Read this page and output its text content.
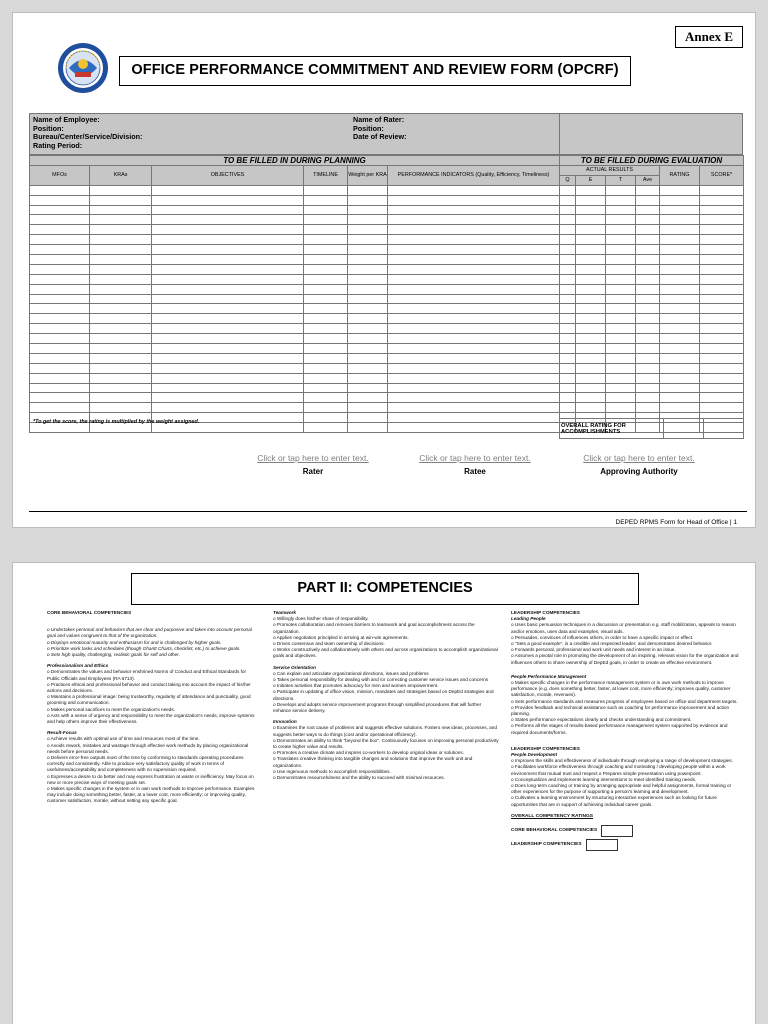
Annex E
OFFICE PERFORMANCE COMMITMENT AND REVIEW FORM (OPCRF)
Name of Employee:
Position:
Bureau/Center/Service/Division:
Rating Period:
Name of Rater:
Position:
Date of Review:
TO BE FILLED IN DURING PLANNING						TO BE FILLED DURING EVALUATION					
MFOs	KRAs	OBJECTIVES	TIMELINE	Weight per KRA	PERFORMANCE INDICATORS (Quality, Efficiency, Timeliness)	ACTUAL RESULTS				RATING	SCORE*
						Q	E	T	Ave		

*To get the score, the rating is multiplied by the weight assigned.
OVERALL RATING FOR ACCOMPLISHMENTS		
Click or tap here to enter text.
Rater
Click or tap here to enter text.
Ratee
Click or tap here to enter text.
Approving Authority
DEPED RPMS Form for Head of Office | 1
PART II: COMPETENCIES

CORE BEHAVIORAL COMPETENCIES

o Undertakes personal and behaviors that are clear and purposive and takes into account personal goal and values congruent to that of the organization.

o Displays emotional maturity and enthusiasm for and is challenged by higher goals.

o Prioritize work tasks and schedules (though Ghantt Charts, checklist, etc.) to achieve goals.

o Sets high quality, challenging, realistic goals for self and other.

Professionalism and Ethics

o Demonstrates the values and behavior enshrined Norms of Conduct and Ethical Standards for Public Officials and Employees (RA 6713).

o Practices ethical and professional behavior and conduct taking into account the impact of his/her actions and decisions.

o Maintains a professional image: being trustworthy, regularity of attendance and punctuality, good grooming and communication.

o Makes personal sacrifices to meet the organization's needs.

o Acts with a sense of urgency and responsibility to meet the organization's needs, improve systems and help others improve their effectiveness.

Result-Focus

o Achieve results with optimal use of time and resources most of the time.

o Avoids rework, mistakes and wastage through effective work methods by placing organizational needs before personal needs.

o Delivers error-free outputs most of the time by conforming to standards operating procedures correctly and consistently. Able to produce very satisfactory quality of work in terms of usefulness/acceptability and completeness with no supervision required.

o Expresses a desire to do better and may express frustration at waste or inefficiency. May focus on new or more precise ways of meeting goals set.

o Makes specific changes in the system or in own work methods to improve performance. Examples may include doing something better, faster, at a lower cost, more efficiently; or improving quality, customer satisfaction, morale, without setting any specific goal.

Teamwork

o Willingly does his/her share of responsibility.

o Promotes collaboration and removes barriers to teamwork and goal accomplishment across the organization.

o Applies negotiation principled in arriving at win-win agreements.

o Drives consensus and team ownership of decisions.

o Works constructively and collaboratively with others and across organizations to accomplish organizational goals and objectives.

Service Orientation

o Can explain and articulate organizational directions, issues and problems

o Takes personal responsibility for dealing with and /or correcting customer service issues and concerns

o Initiates activities that promotes advocacy for men and women empowerment.

o Participate in updating of office vision, mission, mandates and strategies based on DepEd strategies and directions.

o Develops and adopts service improvement programs through simplified procedures that will further enhance service delivery.

Innovation

o Examines the root cause of problems and suggests effective solutions. Fosters new ideas, processes, and suggests better ways to do things (cost and/or operational efficiency).

o Demonstrates an ability to think "beyond the box". Continuously focuses on improving personal productivity to create higher value and results.

o Promotes a creative climate and inspires co-workers to develop original ideas or solutions.

o Translates creative thinking into tangible changes and solutions that improve the work unit and organizations.

o Use ingenuous methods to accomplish responsibilities.

o Demonstrates resourcefulness and the ability to succeed with minimal resources.

LEADERSHIP COMPETENCIES

Leading People

o Uses basic persuasion techniques in a discussion or presentation e.g. staff mobilization, appeals to reason and/or emotions, uses data and examples, visual aids.

o Persuades, convinces of influences others, in order to have a specific impact or effect.

o "Sets a good example", is a credible and respected leader; and demonstrates desired behavior.

o Forwards personal, professional and work unit needs and interest in an issue.

o Assumes a pivotal role in promoting the development of an inspiring, relevant vision for the organization and influences others to share ownership of DepEd goals, in order to create an effective environment.

People Performance Management

o Makes specific changes in the performance management system or in own work methods to improve performance (e.g. does something better, faster, at lower cost, more efficiently; improves quality, customer satisfaction, morale, revenues).

o Sets performance standards and measures progress of employees based on office and department targets.

o Provides feedback and technical assistance such as coaching for performance improvement and action planning.

o States performance expectations clearly and checks understanding and commitment.

o Performs all the stages of results-based performance management system supported by evidence and required documents/forms.

LEADERSHIP COMPETENCIES

People Development

o Improves the skills and effectiveness of individuals through employing a range of development strategies.

o Facilitates workforce effectiveness through coaching and motivating / developing people within a work environment that mutual trust and respect.o Prepares simple presentation using powerpoint.

o Conceptualizes and implements learning interventions to meet identified training needs.

o Does long-term coaching or training by arranging appropriate and helpful assignments, formal training or other experiences for the purpose of supporting a person's learning and development.

o Cultivates a learning environment by structuring interactive experiences such as looking for future opportunities that are in support of achieving individual career goals.

OVERALL COMPETENCY RATINGS
CORE BEHAVIORAL COMPETENCIES
LEADERSHIP COMPETENCIES
